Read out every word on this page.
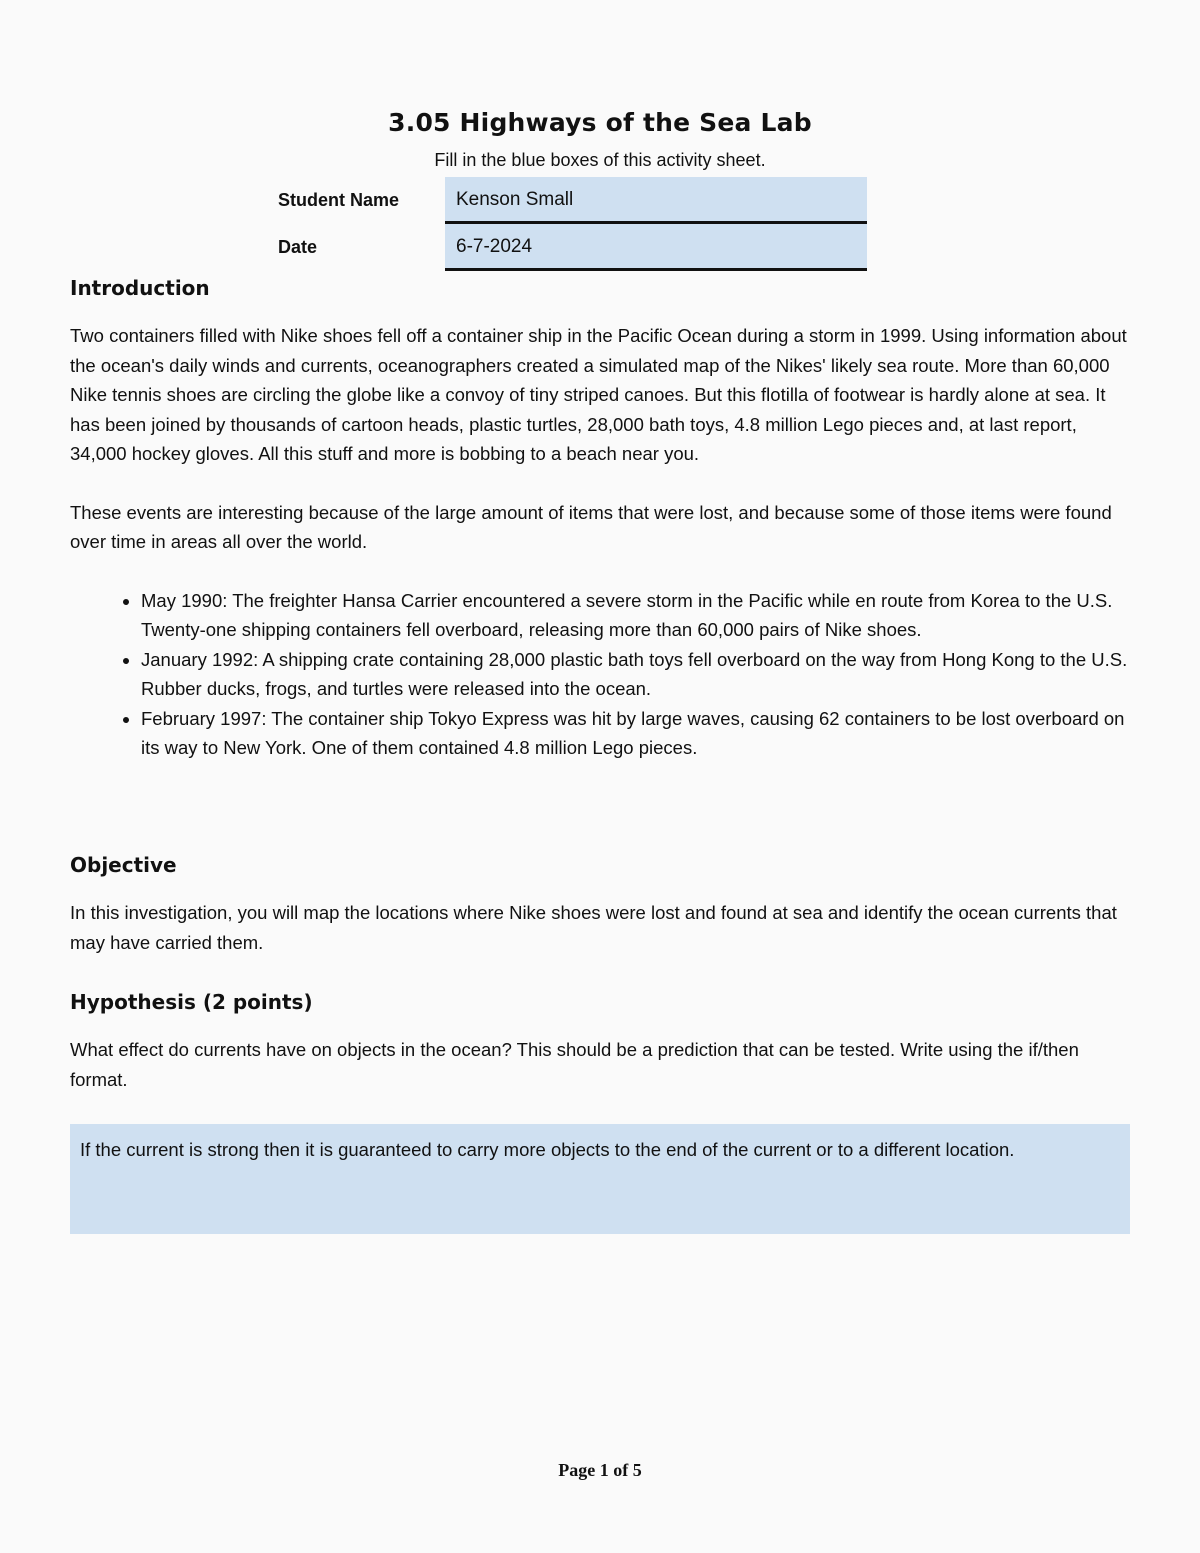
3.05 Highways of the Sea Lab
Fill in the blue boxes of this activity sheet.
Student Name	Kenson Small
Date	6-7-2024
Introduction

Two containers filled with Nike shoes fell off a container ship in the Pacific Ocean during a storm in 1999. Using information about the ocean's daily winds and currents, oceanographers created a simulated map of the Nikes' likely sea route. More than 60,000 Nike tennis shoes are circling the globe like a convoy of tiny striped canoes. But this flotilla of footwear is hardly alone at sea. It has been joined by thousands of cartoon heads, plastic turtles, 28,000 bath toys, 4.8 million Lego pieces and, at last report, 34,000 hockey gloves. All this stuff and more is bobbing to a beach near you.

These events are interesting because of the large amount of items that were lost, and because some of those items were found over time in areas all over the world.

• May 1990: The freighter Hansa Carrier encountered a severe storm in the Pacific while en route from Korea to the U.S. Twenty-one shipping containers fell overboard, releasing more than 60,000 pairs of Nike shoes.
• January 1992: A shipping crate containing 28,000 plastic bath toys fell overboard on the way from Hong Kong to the U.S. Rubber ducks, frogs, and turtles were released into the ocean.
• February 1997: The container ship Tokyo Express was hit by large waves, causing 62 containers to be lost overboard on its way to New York. One of them contained 4.8 million Lego pieces.
Objective

In this investigation, you will map the locations where Nike shoes were lost and found at sea and identify the ocean currents that may have carried them.

Hypothesis (2 points)

What effect do currents have on objects in the ocean? This should be a prediction that can be tested. Write using the if/then format.

If the current is strong then it is guaranteed to carry more objects to the end of the current or to a different location.
Page 1 of 5
